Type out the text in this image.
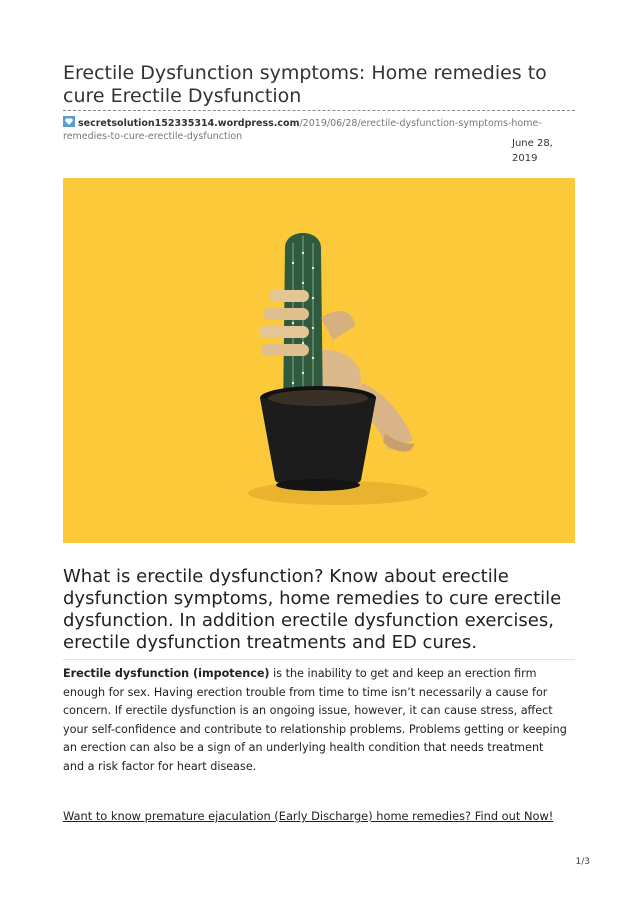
Erectile Dysfunction symptoms: Home remedies to cure Erectile Dysfunction
secretsolution152335314.wordpress.com/2019/06/28/erectile-dysfunction-symptoms-home-remedies-to-cure-erectile-dysfunction
June 28, 2019
What is erectile dysfunction? Know about erectile dysfunction symptoms, home remedies to cure erectile dysfunction. In addition erectile dysfunction exercises, erectile dysfunction treatments and ED cures.

Erectile dysfunction (impotence) is the inability to get and keep an erection firm enough for sex. Having erection trouble from time to time isn’t necessarily a cause for concern. If erectile dysfunction is an ongoing issue, however, it can cause stress, affect your self-confidence and contribute to relationship problems. Problems getting or keeping an erection can also be a sign of an underlying health condition that needs treatment and a risk factor for heart disease.

Want to know premature ejaculation (Early Discharge) home remedies? Find out Now!
1/3
